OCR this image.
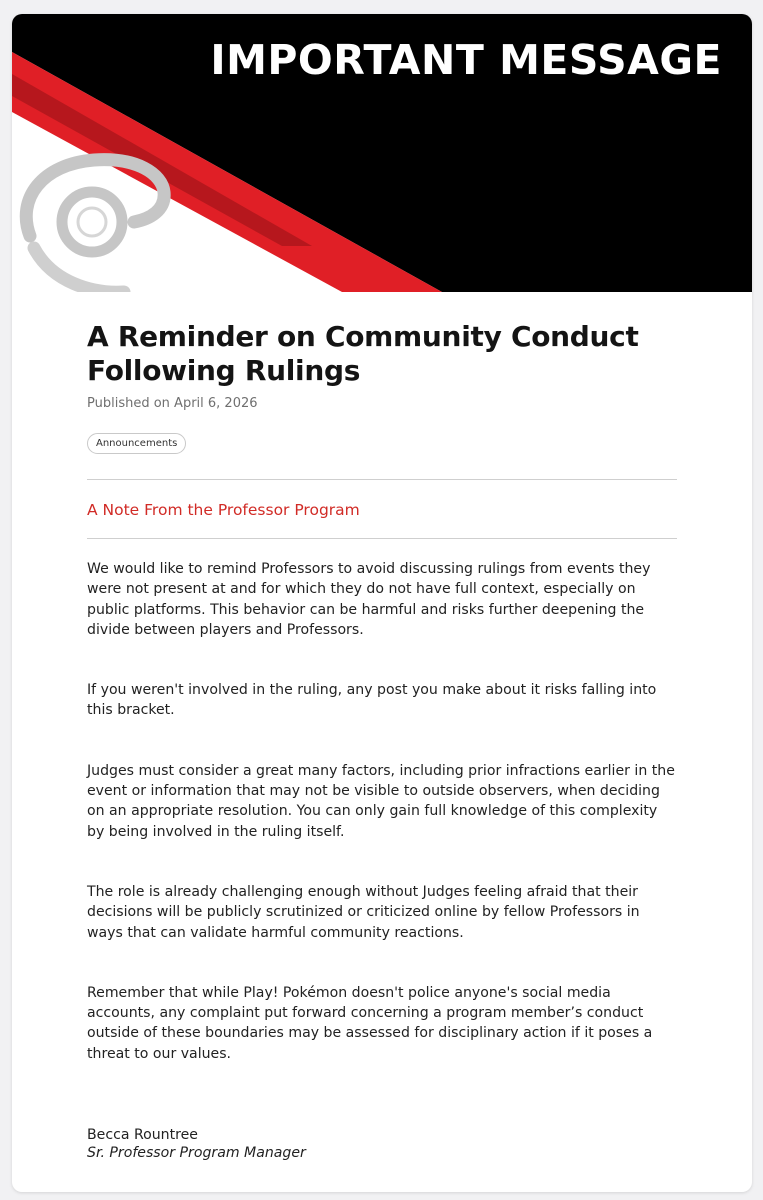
IMPORTANT MESSAGE
A Reminder on Community Conduct Following Rulings
Published on April 6, 2026
Announcements
A Note From the Professor Program

We would like to remind Professors to avoid discussing rulings from events they were not present at and for which they do not have full context, especially on public platforms. This behavior can be harmful and risks further deepening the divide between players and Professors.

If you weren't involved in the ruling, any post you make about it risks falling into this bracket.

Judges must consider a great many factors, including prior infractions earlier in the event or information that may not be visible to outside observers, when deciding on an appropriate resolution. You can only gain full knowledge of this complexity by being involved in the ruling itself.

The role is already challenging enough without Judges feeling afraid that their decisions will be publicly scrutinized or criticized online by fellow Professors in ways that can validate harmful community reactions.

Remember that while Play! Pokémon doesn't police anyone's social media accounts, any complaint put forward concerning a program member’s conduct outside of these boundaries may be assessed for disciplinary action if it poses a threat to our values.

Becca Rountree
Sr. Professor Program Manager
